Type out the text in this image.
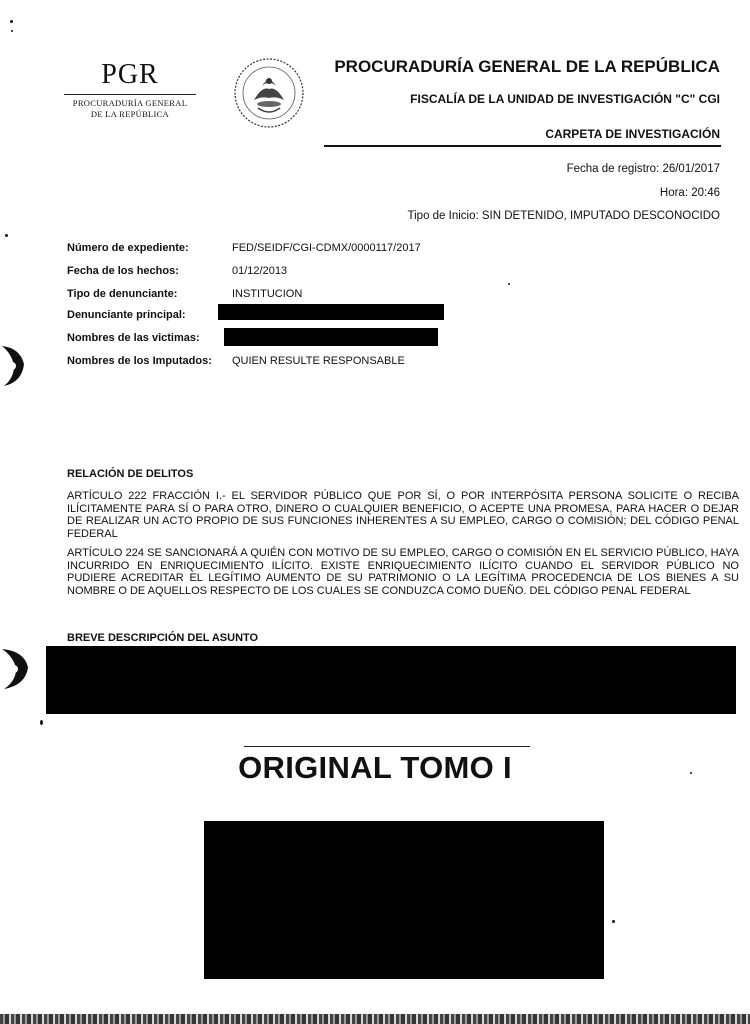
PGR
PROCURADURÍA GENERAL
DE LA REPÚBLICA
PROCURADURÍA GENERAL DE LA REPÚBLICA
FISCALÍA DE LA UNIDAD DE INVESTIGACIÓN "C" CGI
CARPETA DE INVESTIGACIÓN
Fecha de registro: 26/01/2017
Hora: 20:46
Tipo de Inicio: SIN DETENIDO, IMPUTADO DESCONOCIDO
Número de expediente:	FED/SEIDF/CGI-CDMX/0000117/2017
Fecha de los hechos:	01/12/2013
Tipo de denunciante:	INSTITUCION
Denunciante principal:
Nombres de las victimas:
Nombres de los Imputados: QUIEN RESULTE RESPONSABLE
RELACIÓN DE DELITOS
ARTÍCULO 222 FRACCIÓN I.- EL SERVIDOR PÚBLICO QUE POR SÍ, O POR INTERPÓSITA PERSONA SOLICITE O RECIBA ILÍCITAMENTE PARA SÍ O PARA OTRO, DINERO O CUALQUIER BENEFICIO, O ACEPTE UNA PROMESA, PARA HACER O DEJAR DE REALIZAR UN ACTO PROPIO DE SUS FUNCIONES INHERENTES A SU EMPLEO, CARGO O COMISIÓN; DEL CÓDIGO PENAL FEDERAL
ARTÍCULO 224 SE SANCIONARÁ A QUIÉN CON MOTIVO DE SU EMPLEO, CARGO O COMISIÓN EN EL SERVICIO PÚBLICO, HAYA INCURRIDO EN ENRIQUECIMIENTO ILÍCITO. EXISTE ENRIQUECIMIENTO ILÍCITO CUANDO EL SERVIDOR PÚBLICO NO PUDIERE ACREDITAR EL LEGÍTIMO AUMENTO DE SU PATRIMONIO O LA LEGÍTIMA PROCEDENCIA DE LOS BIENES A SU NOMBRE O DE AQUELLOS RESPECTO DE LOS CUALES SE CONDUZCA COMO DUEÑO. DEL CÓDIGO PENAL FEDERAL
BREVE DESCRIPCIÓN DEL ASUNTO
ORIGINAL TOMO I
